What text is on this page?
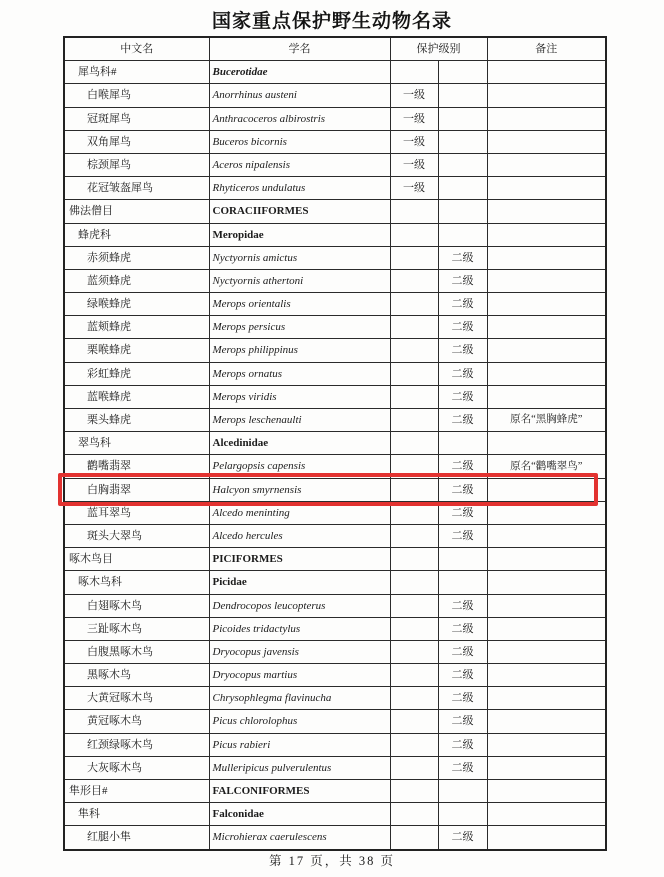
国家重点保护野生动物名录
中文名	学名	保护级别		备注
犀鸟科#	Bucerotidae			
白喉犀鸟	Anorrhinus austeni	一级		
冠斑犀鸟	Anthracoceros albirostris	一级		
双角犀鸟	Buceros bicornis	一级		
棕颈犀鸟	Aceros nipalensis	一级		
花冠皱盔犀鸟	Rhyticeros undulatus	一级		
佛法僧目	CORACIIFORMES			
蜂虎科	Meropidae			
赤须蜂虎	Nyctyornis amictus		二级	
蓝须蜂虎	Nyctyornis athertoni		二级	
绿喉蜂虎	Merops orientalis		二级	
蓝颊蜂虎	Merops persicus		二级	
栗喉蜂虎	Merops philippinus		二级	
彩虹蜂虎	Merops ornatus		二级	
蓝喉蜂虎	Merops viridis		二级	
栗头蜂虎	Merops leschenaulti		二级	原名“黑胸蜂虎”
翠鸟科	Alcedinidae			
鹳嘴翡翠	Pelargopsis capensis		二级	原名“鹳嘴翠鸟”
白胸翡翠	Halcyon smyrnensis		二级	
蓝耳翠鸟	Alcedo meninting		二级	
斑头大翠鸟	Alcedo hercules		二级	
啄木鸟目	PICIFORMES			
啄木鸟科	Picidae			
白翅啄木鸟	Dendrocopos leucopterus		二级	
三趾啄木鸟	Picoides tridactylus		二级	
白腹黑啄木鸟	Dryocopus javensis		二级	
黑啄木鸟	Dryocopus martius		二级	
大黄冠啄木鸟	Chrysophlegma flavinucha		二级	
黄冠啄木鸟	Picus chlorolophus		二级	
红颈绿啄木鸟	Picus rabieri		二级	
大灰啄木鸟	Mulleripicus pulverulentus		二级	
隼形目#	FALCONIFORMES			
隼科	Falconidae			
红腿小隼	Microhierax caerulescens		二级	
第 17 页，共 38 页
